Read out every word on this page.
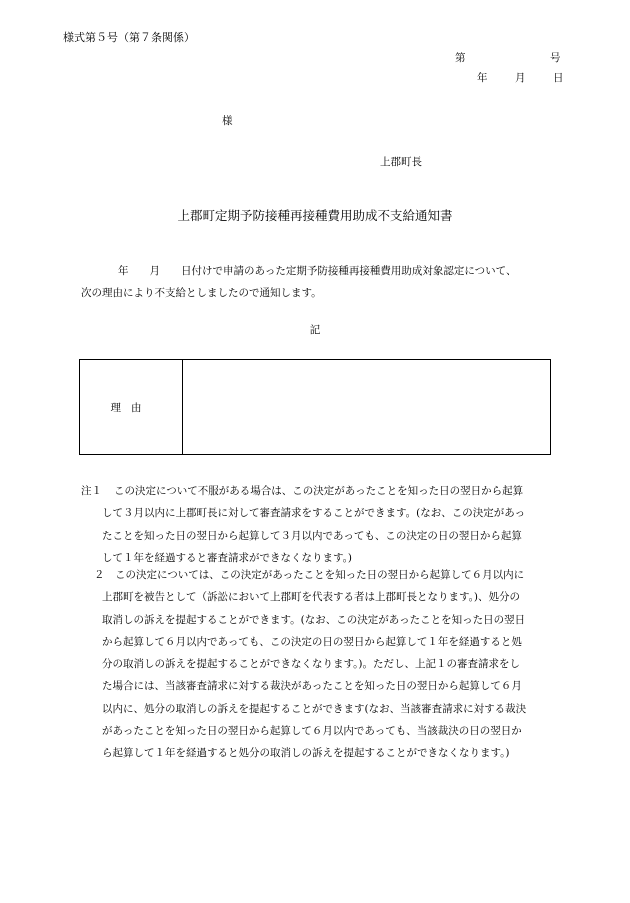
様式第５号（第７条関係）
第	号
年	月	日
様
上郡町長
上郡町定期予防接種再接種費用助成不支給通知書
年　　月　　日付けで申請のあった定期予防接種再接種費用助成対象認定について、
次の理由により不支給としましたので通知します。
記
理由
注１	この決定について不服がある場合は、この決定があったことを知った日の翌日から起算
して３月以内に上郡町長に対して審査請求をすることができます。(なお、この決定があっ
たことを知った日の翌日から起算して３月以内であっても、この決定の日の翌日から起算
して１年を経過すると審査請求ができなくなります。)
２	この決定については、この決定があったことを知った日の翌日から起算して６月以内に
上郡町を被告として（訴訟において上郡町を代表する者は上郡町長となります。)、処分の
取消しの訴えを提起することができます。(なお、この決定があったことを知った日の翌日
から起算して６月以内であっても、この決定の日の翌日から起算して１年を経過すると処
分の取消しの訴えを提起することができなくなります。)。ただし、上記１の審査請求をし
た場合には、当該審査請求に対する裁決があったことを知った日の翌日から起算して６月
以内に、処分の取消しの訴えを提起することができます(なお、当該審査請求に対する裁決
があったことを知った日の翌日から起算して６月以内であっても、当該裁決の日の翌日か
ら起算して１年を経過すると処分の取消しの訴えを提起することができなくなります。)
